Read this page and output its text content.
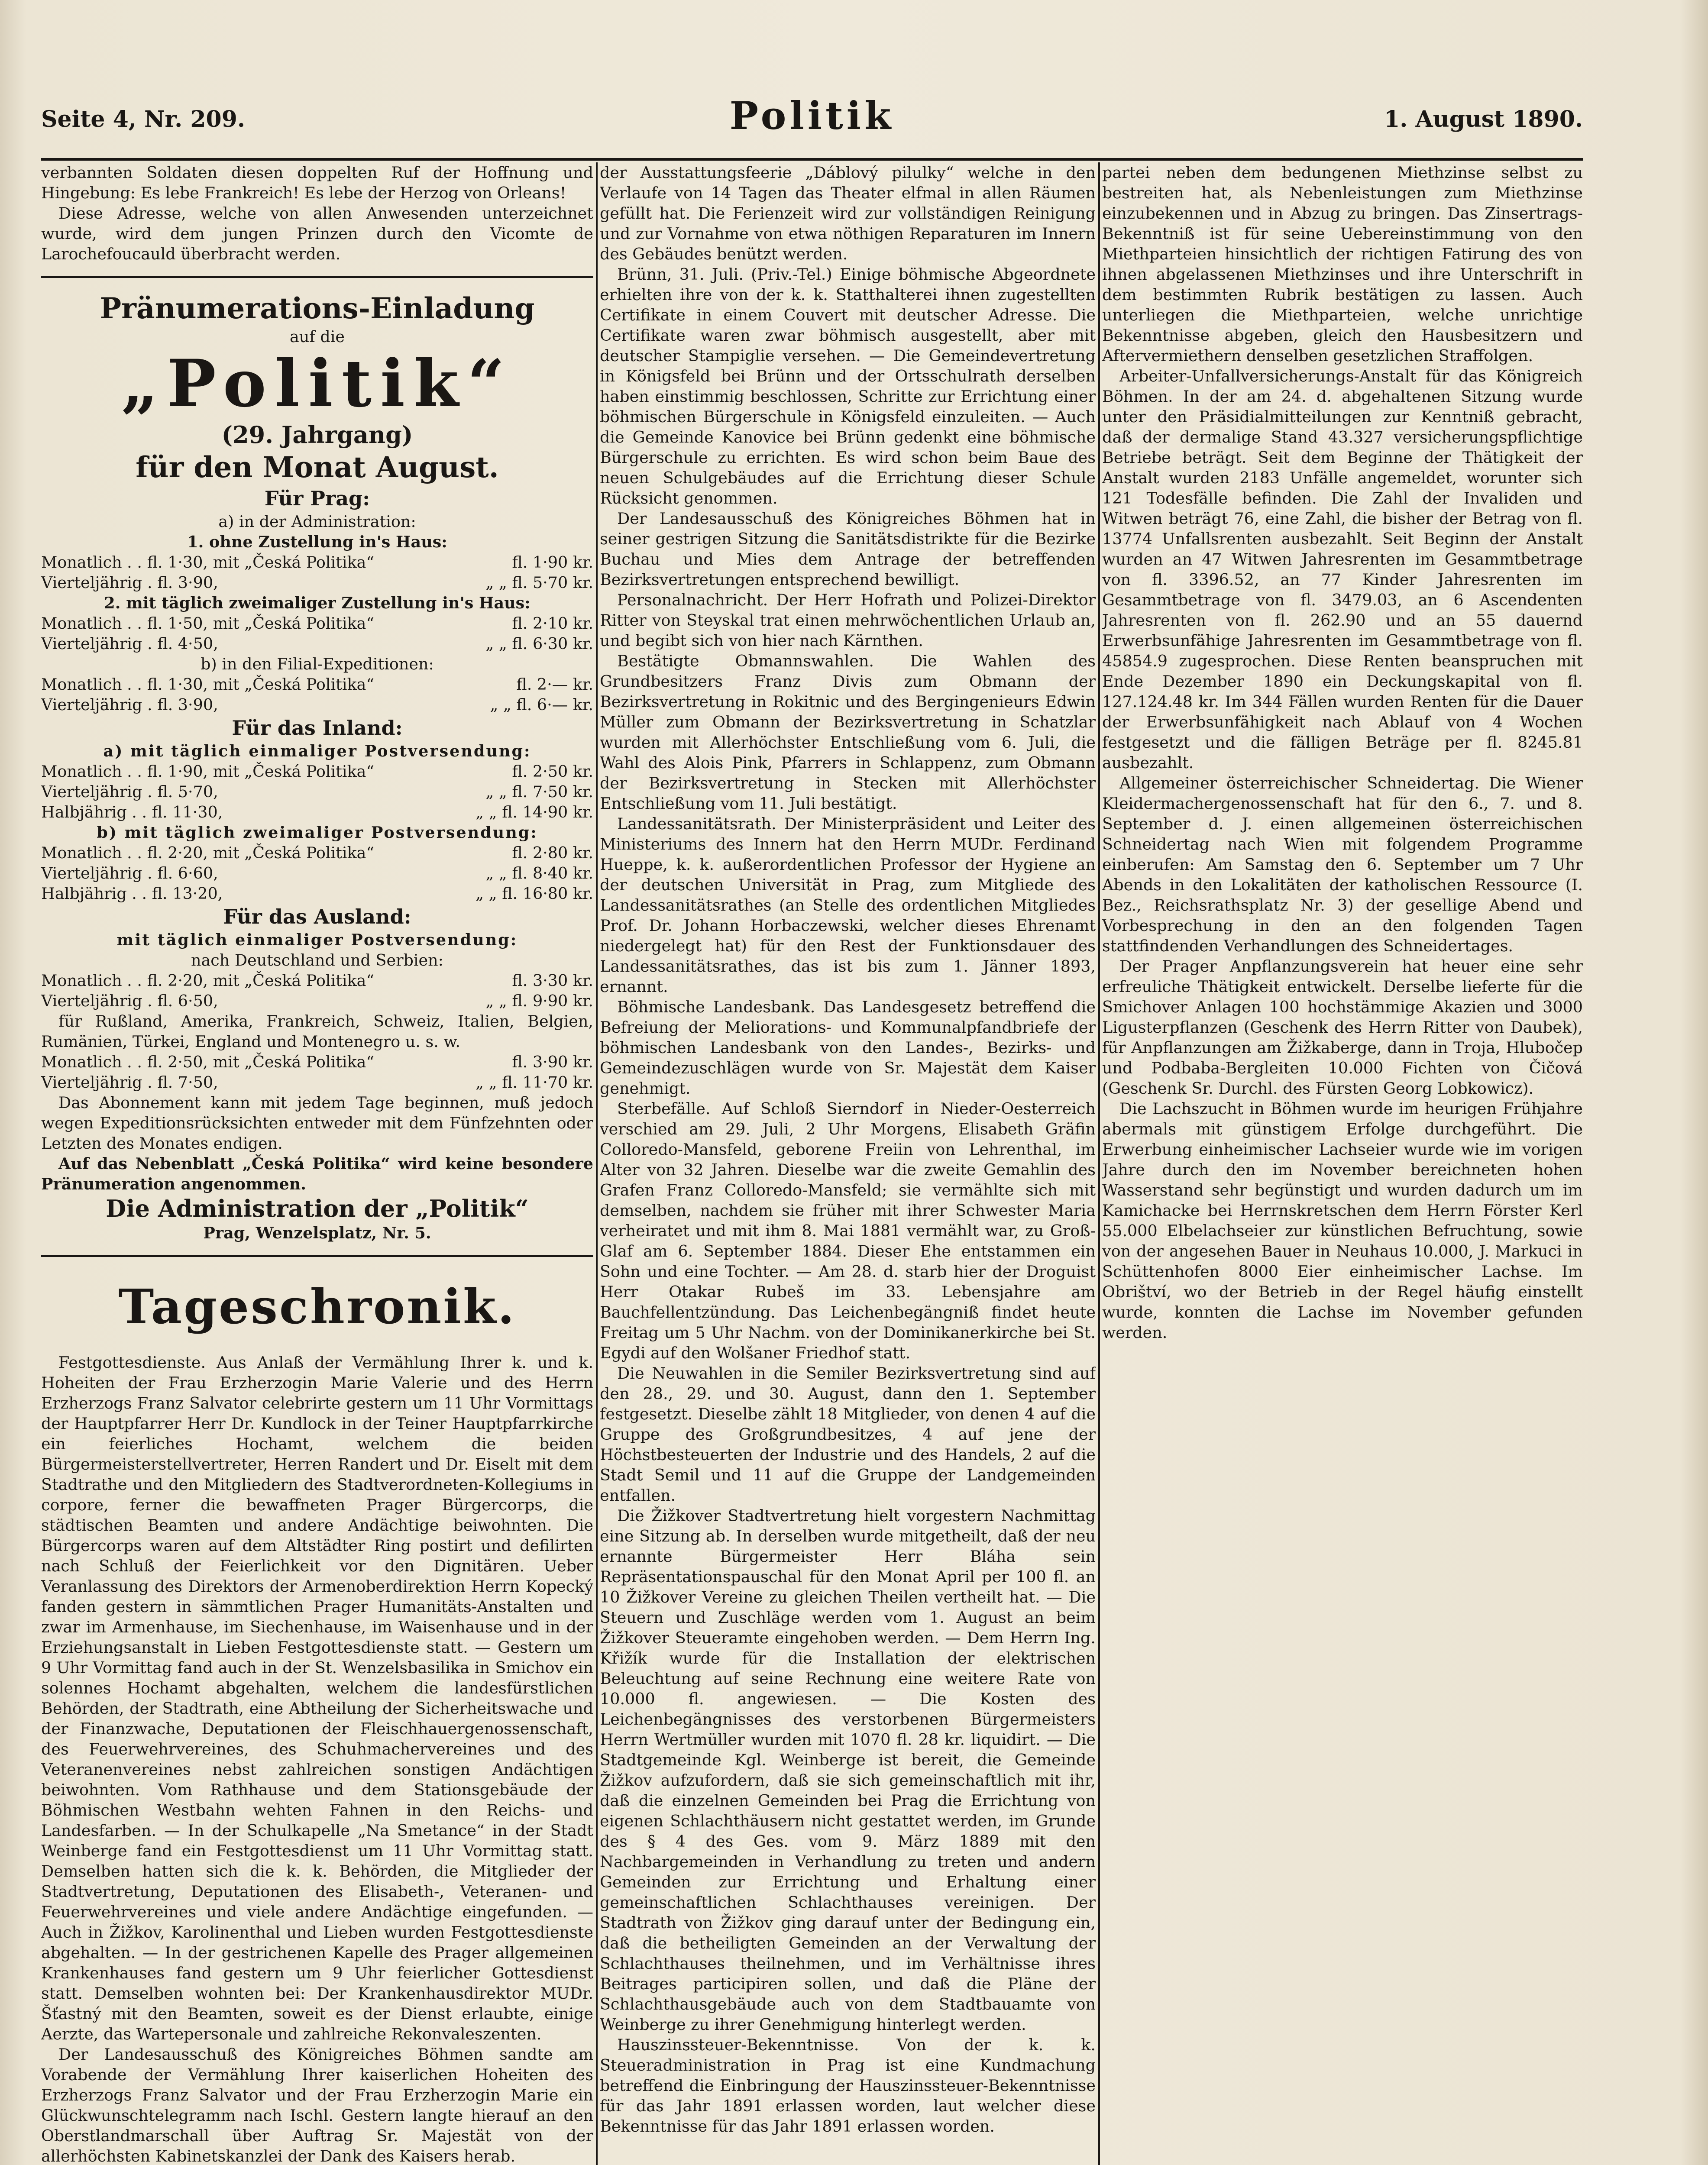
Seite 4, Nr. 209.	Politik	1. August 1890.

verbannten Soldaten diesen doppelten Ruf der Hoffnung und Hingebung: Es lebe Frankreich! Es lebe der Herzog von Orleans!

Diese Adresse, welche von allen Anwesenden unterzeichnet wurde, wird dem jungen Prinzen durch den Vicomte de Larochefoucauld überbracht werden.

Pränumerations-Einladung

auf die

„Politik“

(29. Jahrgang)

für den Monat August.

Für Prag:

a) in der Administration:

1. ohne Zustellung in's Haus:

Monatlich . . fl. 1·30, mit „Česká Politika“	fl. 1·90 kr.
Vierteljährig . fl. 3·90,	„ „ fl. 5·70 kr.

2. mit täglich zweimaliger Zustellung in's Haus:

Monatlich . . fl. 1·50, mit „Česká Politika“	fl. 2·10 kr.
Vierteljährig . fl. 4·50,	„ „ fl. 6·30 kr.

b) in den Filial-Expeditionen:

Monatlich . . fl. 1·30, mit „Česká Politika“	fl. 2·— kr.
Vierteljährig . fl. 3·90,	„ „ fl. 6·— kr.

Für das Inland:

a) mit täglich einmaliger Postversendung:

Monatlich . . fl. 1·90, mit „Česká Politika“	fl. 2·50 kr.
Vierteljährig . fl. 5·70,	„ „ fl. 7·50 kr.
Halbjährig . . fl. 11·30,	„ „ fl. 14·90 kr.

b) mit täglich zweimaliger Postversendung:

Monatlich . . fl. 2·20, mit „Česká Politika“	fl. 2·80 kr.
Vierteljährig . fl. 6·60,	„ „ fl. 8·40 kr.
Halbjährig . . fl. 13·20,	„ „ fl. 16·80 kr.

Für das Ausland:

mit täglich einmaliger Postversendung:

nach Deutschland und Serbien:

Monatlich . . fl. 2·20, mit „Česká Politika“	fl. 3·30 kr.
Vierteljährig . fl. 6·50,	„ „ fl. 9·90 kr.

für Rußland, Amerika, Frankreich, Schweiz, Italien, Belgien, Rumänien, Türkei, England und Montenegro u. s. w.

Monatlich . . fl. 2·50, mit „Česká Politika“	fl. 3·90 kr.
Vierteljährig . fl. 7·50,	„ „ fl. 11·70 kr.

Das Abonnement kann mit jedem Tage beginnen, muß jedoch wegen Expeditionsrücksichten entweder mit dem Fünfzehnten oder Letzten des Monates endigen.

Auf das Nebenblatt „Česká Politika“ wird keine besondere Pränumeration angenommen.

Die Administration der „Politik“

Prag, Wenzelsplatz, Nr. 5.

Tageschronik.

Festgottesdienste. Aus Anlaß der Vermählung Ihrer k. und k. Hoheiten der Frau Erzherzogin Marie Valerie und des Herrn Erzherzogs Franz Salvator celebrirte gestern um 11 Uhr Vormittags der Hauptpfarrer Herr Dr. Kundlock in der Teiner Hauptpfarrkirche ein feierliches Hochamt, welchem die beiden Bürgermeisterstellvertreter, Herren Randert und Dr. Eiselt mit dem Stadtrathe und den Mitgliedern des Stadtverordneten-Kollegiums in corpore, ferner die bewaffneten Prager Bürgercorps, die städtischen Beamten und andere Andächtige beiwohnten. Die Bürgercorps waren auf dem Altstädter Ring postirt und defilirten nach Schluß der Feierlichkeit vor den Dignitären. Ueber Veranlassung des Direktors der Armenoberdirektion Herrn Kopecký fanden gestern in sämmtlichen Prager Humanitäts-Anstalten und zwar im Armenhause, im Siechenhause, im Waisenhause und in der Erziehungsanstalt in Lieben Festgottesdienste statt. — Gestern um 9 Uhr Vormittag fand auch in der St. Wenzelsbasilika in Smichov ein solennes Hochamt abgehalten, welchem die landesfürstlichen Behörden, der Stadtrath, eine Abtheilung der Sicherheitswache und der Finanzwache, Deputationen der Fleischhauergenossenschaft, des Feuerwehrvereines, des Schuhmachervereines und des Veteranenvereines nebst zahlreichen sonstigen Andächtigen beiwohnten. Vom Rathhause und dem Stationsgebäude der Böhmischen Westbahn wehten Fahnen in den Reichs- und Landesfarben. — In der Schulkapelle „Na Smetance“ in der Stadt Weinberge fand ein Festgottesdienst um 11 Uhr Vormittag statt. Demselben hatten sich die k. k. Behörden, die Mitglieder der Stadtvertretung, Deputationen des Elisabeth-, Veteranen- und Feuerwehrvereines und viele andere Andächtige eingefunden. — Auch in Žižkov, Karolinenthal und Lieben wurden Festgottesdienste abgehalten. — In der gestrichenen Kapelle des Prager allgemeinen Krankenhauses fand gestern um 9 Uhr feierlicher Gottesdienst statt. Demselben wohnten bei: Der Krankenhausdirektor MUDr. Šťastný mit den Beamten, soweit es der Dienst erlaubte, einige Aerzte, das Wartepersonale und zahlreiche Rekonvaleszenten.

Der Landesausschuß des Königreiches Böhmen sandte am Vorabende der Vermählung Ihrer kaiserlichen Hoheiten des Erzherzogs Franz Salvator und der Frau Erzherzogin Marie ein Glückwunschtelegramm nach Ischl. Gestern langte hierauf an den Oberstlandmarschall über Auftrag Sr. Majestät von der allerhöchsten Kabinetskanzlei der Dank des Kaisers herab.

der Ausstattungsfeerie „Dáblový pilulky“ welche in den Verlaufe von 14 Tagen das Theater elfmal in allen Räumen gefüllt hat. Die Ferienzeit wird zur vollständigen Reinigung und zur Vornahme von etwa nöthigen Reparaturen im Innern des Gebäudes benützt werden.

Brünn, 31. Juli. (Priv.-Tel.) Einige böhmische Abgeordnete erhielten ihre von der k. k. Statthalterei ihnen zugestellten Certifikate in einem Couvert mit deutscher Adresse. Die Certifikate waren zwar böhmisch ausgestellt, aber mit deutscher Stampiglie versehen. — Die Gemeindevertretung in Königsfeld bei Brünn und der Ortsschulrath derselben haben einstimmig beschlossen, Schritte zur Errichtung einer böhmischen Bürgerschule in Königsfeld einzuleiten. — Auch die Gemeinde Kanovice bei Brünn gedenkt eine böhmische Bürgerschule zu errichten. Es wird schon beim Baue des neuen Schulgebäudes auf die Errichtung dieser Schule Rücksicht genommen.

Der Landesausschuß des Königreiches Böhmen hat in seiner gestrigen Sitzung die Sanitätsdistrikte für die Bezirke Buchau und Mies dem Antrage der betreffenden Bezirksvertretungen entsprechend bewilligt.

Personalnachricht. Der Herr Hofrath und Polizei-Direktor Ritter von Steyskal trat einen mehrwöchentlichen Urlaub an, und begibt sich von hier nach Kärnthen.

Bestätigte Obmannswahlen. Die Wahlen des Grundbesitzers Franz Divis zum Obmann der Bezirksvertretung in Rokitnic und des Bergingenieurs Edwin Müller zum Obmann der Bezirksvertretung in Schatzlar wurden mit Allerhöchster Entschließung vom 6. Juli, die Wahl des Alois Pink, Pfarrers in Schlappenz, zum Obmann der Bezirksvertretung in Stecken mit Allerhöchster Entschließung vom 11. Juli bestätigt.

Landessanitätsrath. Der Ministerpräsident und Leiter des Ministeriums des Innern hat den Herrn MUDr. Ferdinand Hueppe, k. k. außerordentlichen Professor der Hygiene an der deutschen Universität in Prag, zum Mitgliede des Landessanitätsrathes (an Stelle des ordentlichen Mitgliedes Prof. Dr. Johann Horbaczewski, welcher dieses Ehrenamt niedergelegt hat) für den Rest der Funktionsdauer des Landessanitätsrathes, das ist bis zum 1. Jänner 1893, ernannt.

Böhmische Landesbank. Das Landesgesetz betreffend die Befreiung der Meliorations- und Kommunalpfandbriefe der böhmischen Landesbank von den Landes-, Bezirks- und Gemeindezuschlägen wurde von Sr. Majestät dem Kaiser genehmigt.

Sterbefälle. Auf Schloß Sierndorf in Nieder-Oesterreich verschied am 29. Juli, 2 Uhr Morgens, Elisabeth Gräfin Colloredo-Mansfeld, geborene Freiin von Lehrenthal, im Alter von 32 Jahren. Dieselbe war die zweite Gemahlin des Grafen Franz Colloredo-Mansfeld; sie vermählte sich mit demselben, nachdem sie früher mit ihrer Schwester Maria verheiratet und mit ihm 8. Mai 1881 vermählt war, zu Groß-Glaf am 6. September 1884. Dieser Ehe entstammen ein Sohn und eine Tochter. — Am 28. d. starb hier der Droguist Herr Otakar Rubeš im 33. Lebensjahre am Bauchfellentzündung. Das Leichenbegängniß findet heute Freitag um 5 Uhr Nachm. von der Dominikanerkirche bei St. Egydi auf den Wolšaner Friedhof statt.

Die Neuwahlen in die Semiler Bezirksvertretung sind auf den 28., 29. und 30. August, dann den 1. September festgesetzt. Dieselbe zählt 18 Mitglieder, von denen 4 auf die Gruppe des Großgrundbesitzes, 4 auf jene der Höchstbesteuerten der Industrie und des Handels, 2 auf die Stadt Semil und 11 auf die Gruppe der Landgemeinden entfallen.

Die Žižkover Stadtvertretung hielt vorgestern Nachmittag eine Sitzung ab. In derselben wurde mitgetheilt, daß der neu ernannte Bürgermeister Herr Bláha sein Repräsentationspauschal für den Monat April per 100 fl. an 10 Žižkover Vereine zu gleichen Theilen vertheilt hat. — Die Steuern und Zuschläge werden vom 1. August an beim Žižkover Steueramte eingehoben werden. — Dem Herrn Ing. Křižík wurde für die Installation der elektrischen Beleuchtung auf seine Rechnung eine weitere Rate von 10.000 fl. angewiesen. — Die Kosten des Leichenbegängnisses des verstorbenen Bürgermeisters Herrn Wertmüller wurden mit 1070 fl. 28 kr. liquidirt. — Die Stadtgemeinde Kgl. Weinberge ist bereit, die Gemeinde Žižkov aufzufordern, daß sie sich gemeinschaftlich mit ihr, daß die einzelnen Gemeinden bei Prag die Errichtung von eigenen Schlachthäusern nicht gestattet werden, im Grunde des § 4 des Ges. vom 9. März 1889 mit den Nachbargemeinden in Verhandlung zu treten und andern Gemeinden zur Errichtung und Erhaltung einer gemeinschaftlichen Schlachthauses vereinigen. Der Stadtrath von Žižkov ging darauf unter der Bedingung ein, daß die betheiligten Gemeinden an der Verwaltung der Schlachthauses theilnehmen, und im Verhältnisse ihres Beitrages participiren sollen, und daß die Pläne der Schlachthausgebäude auch von dem Stadtbauamte von Weinberge zu ihrer Genehmigung hinterlegt werden.

Hauszinssteuer-Bekenntnisse. Von der k. k. Steueradministration in Prag ist eine Kundmachung betreffend die Einbringung der Hauszinssteuer-Bekenntnisse für das Jahr 1891 erlassen worden, laut welcher diese Bekenntnisse für das Jahr 1891 erlassen worden.

partei neben dem bedungenen Miethzinse selbst zu bestreiten hat, als Nebenleistungen zum Miethzinse einzubekennen und in Abzug zu bringen. Das Zinsertrags-Bekenntniß ist für seine Uebereinstimmung von den Miethparteien hinsichtlich der richtigen Fatirung des von ihnen abgelassenen Miethzinses und ihre Unterschrift in dem bestimmten Rubrik bestätigen zu lassen. Auch unterliegen die Miethparteien, welche unrichtige Bekenntnisse abgeben, gleich den Hausbesitzern und Aftervermiethern denselben gesetzlichen Straffolgen.

Arbeiter-Unfallversicherungs-Anstalt für das Königreich Böhmen. In der am 24. d. abgehaltenen Sitzung wurde unter den Präsidialmitteilungen zur Kenntniß gebracht, daß der dermalige Stand 43.327 versicherungspflichtige Betriebe beträgt. Seit dem Beginne der Thätigkeit der Anstalt wurden 2183 Unfälle angemeldet, worunter sich 121 Todesfälle befinden. Die Zahl der Invaliden und Witwen beträgt 76, eine Zahl, die bisher der Betrag von fl. 13774 Unfallsrenten ausbezahlt. Seit Beginn der Anstalt wurden an 47 Witwen Jahresrenten im Gesammtbetrage von fl. 3396.52, an 77 Kinder Jahresrenten im Gesammtbetrage von fl. 3479.03, an 6 Ascendenten Jahresrenten von fl. 262.90 und an 55 dauernd Erwerbsunfähige Jahresrenten im Gesammtbetrage von fl. 45854.9 zugesprochen. Diese Renten beanspruchen mit Ende Dezember 1890 ein Deckungskapital von fl. 127.124.48 kr. Im 344 Fällen wurden Renten für die Dauer der Erwerbsunfähigkeit nach Ablauf von 4 Wochen festgesetzt und die fälligen Beträge per fl. 8245.81 ausbezahlt.

Allgemeiner österreichischer Schneidertag. Die Wiener Kleidermachergenossenschaft hat für den 6., 7. und 8. September d. J. einen allgemeinen österreichischen Schneidertag nach Wien mit folgendem Programme einberufen: Am Samstag den 6. September um 7 Uhr Abends in den Lokalitäten der katholischen Ressource (I. Bez., Reichsrathsplatz Nr. 3) der gesellige Abend und Vorbesprechung in den an den folgenden Tagen stattfindenden Verhandlungen des Schneidertages.

Der Prager Anpflanzungsverein hat heuer eine sehr erfreuliche Thätigkeit entwickelt. Derselbe lieferte für die Smichover Anlagen 100 hochstämmige Akazien und 3000 Ligusterpflanzen (Geschenk des Herrn Ritter von Daubek), für Anpflanzungen am Žižkaberge, dann in Troja, Hlubočep und Podbaba-Bergleiten 10.000 Fichten von Čičová (Geschenk Sr. Durchl. des Fürsten Georg Lobkowicz).

Die Lachszucht in Böhmen wurde im heurigen Frühjahre abermals mit günstigem Erfolge durchgeführt. Die Erwerbung einheimischer Lachseier wurde wie im vorigen Jahre durch den im November bereichneten hohen Wasserstand sehr begünstigt und wurden dadurch um im Kamichacke bei Herrnskretschen dem Herrn Förster Kerl 55.000 Elbelachseier zur künstlichen Befruchtung, sowie von der angesehen Bauer in Neuhaus 10.000, J. Markuci in Schüttenhofen 8000 Eier einheimischer Lachse. Im Obrištví, wo der Betrieb in der Regel häufig einstellt wurde, konnten die Lachse im November gefunden werden.
